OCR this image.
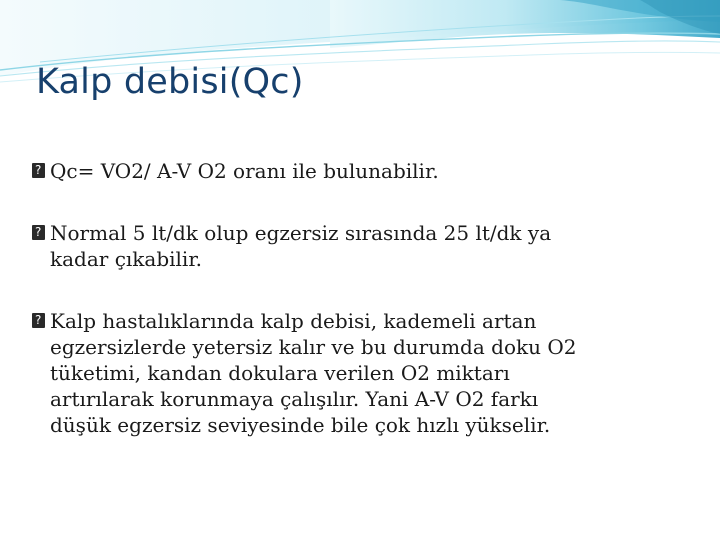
Kalp debisi(Qc)
?
Qc= VO2/ A-V O2 oranı ile bulunabilir.
?
Normal 5 lt/dk olup egzersiz sırasında 25 lt/dk ya
kadar çıkabilir.
?
Kalp hastalıklarında kalp debisi, kademeli artan
egzersizlerde yetersiz kalır ve bu durumda doku O2
tüketimi, kandan dokulara verilen O2 miktarı
artırılarak korunmaya çalışılır. Yani A-V O2 farkı
düşük egzersiz seviyesinde bile çok hızlı yükselir.
